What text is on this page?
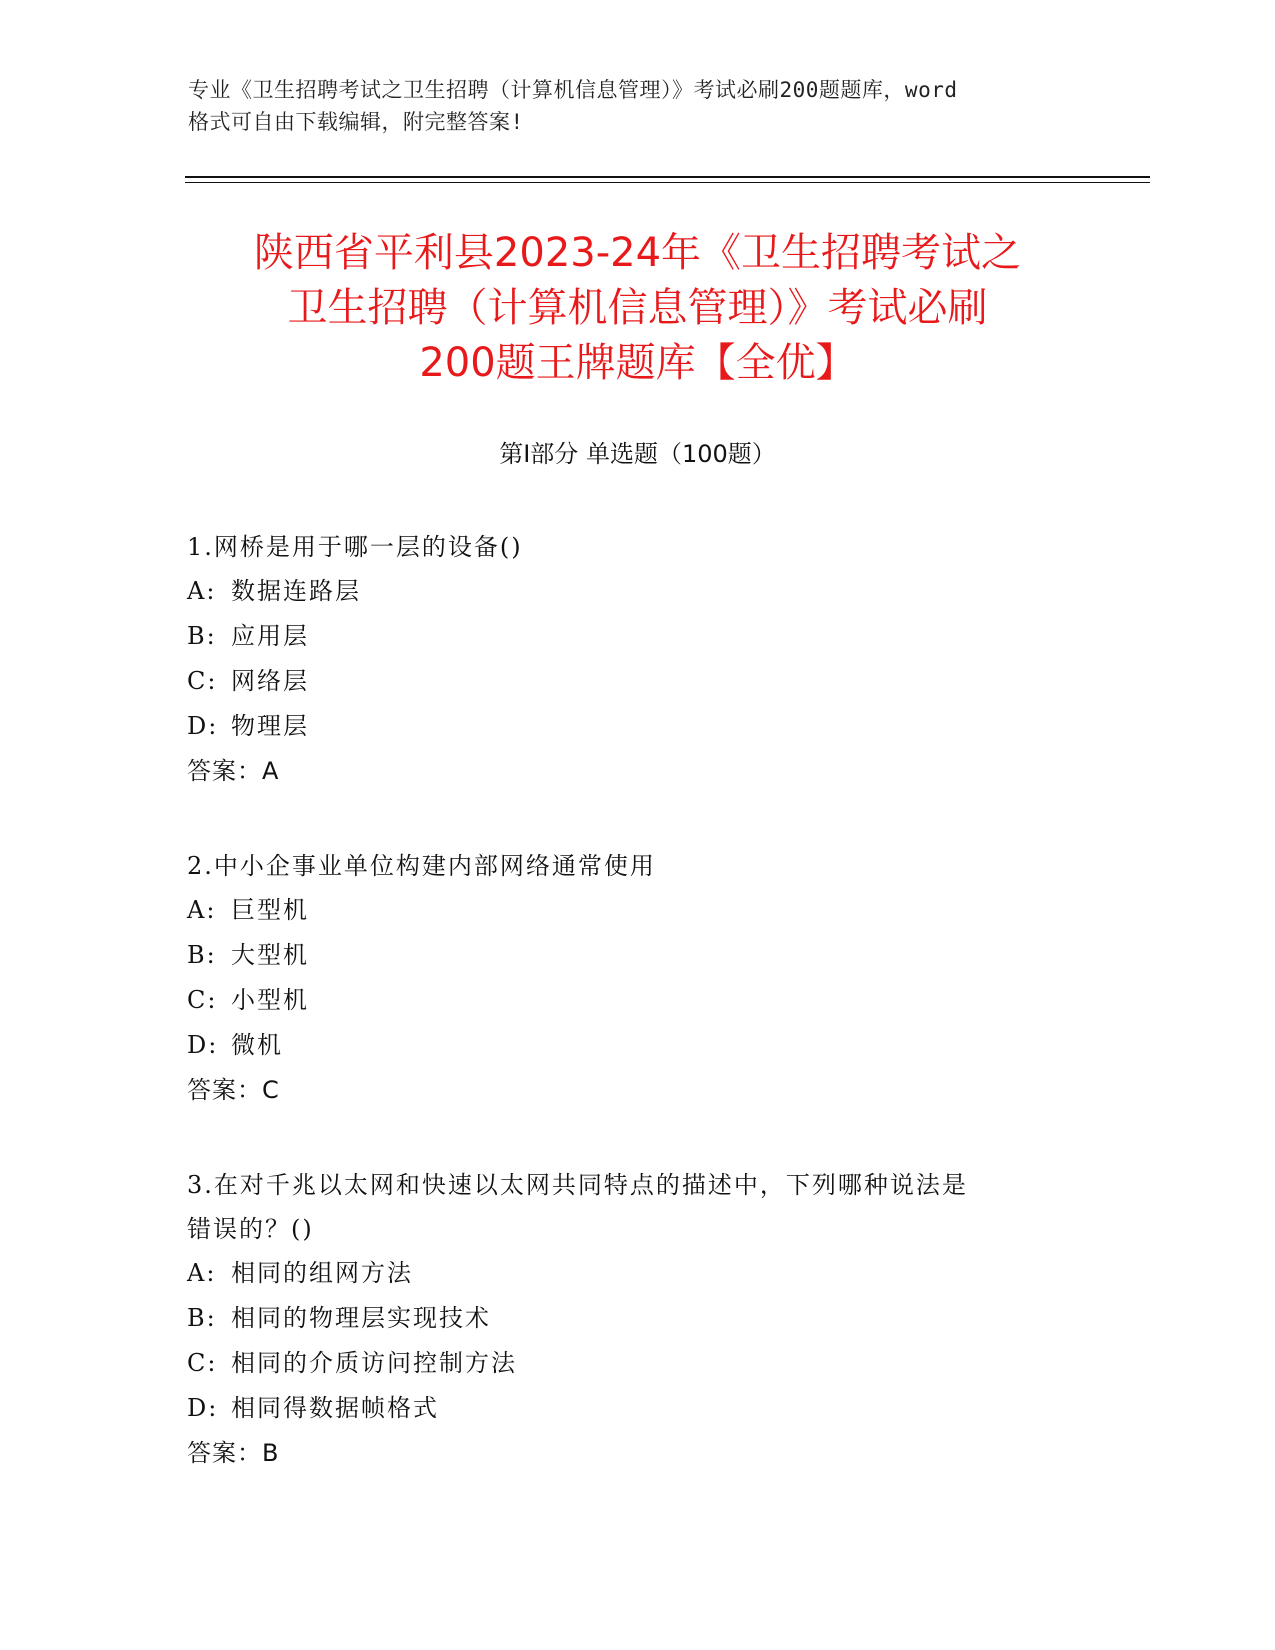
专业《卫生招聘考试之卫生招聘（计算机信息管理）》考试必刷200题题库，word
格式可自由下载编辑，附完整答案!
陕西省平利县2023-24年《卫生招聘考试之
卫生招聘（计算机信息管理）》考试必刷
200题王牌题库【全优】
第Ⅰ部分 单选题（100题）
1.网桥是用于哪一层的设备()
A: 数据连路层
B: 应用层
C: 网络层
D: 物理层
答案：A
2.中小企事业单位构建内部网络通常使用
A: 巨型机
B: 大型机
C: 小型机
D: 微机
答案：C
3.在对千兆以太网和快速以太网共同特点的描述中，下列哪种说法是
错误的？()
A: 相同的组网方法
B: 相同的物理层实现技术
C: 相同的介质访问控制方法
D: 相同得数据帧格式
答案：B
